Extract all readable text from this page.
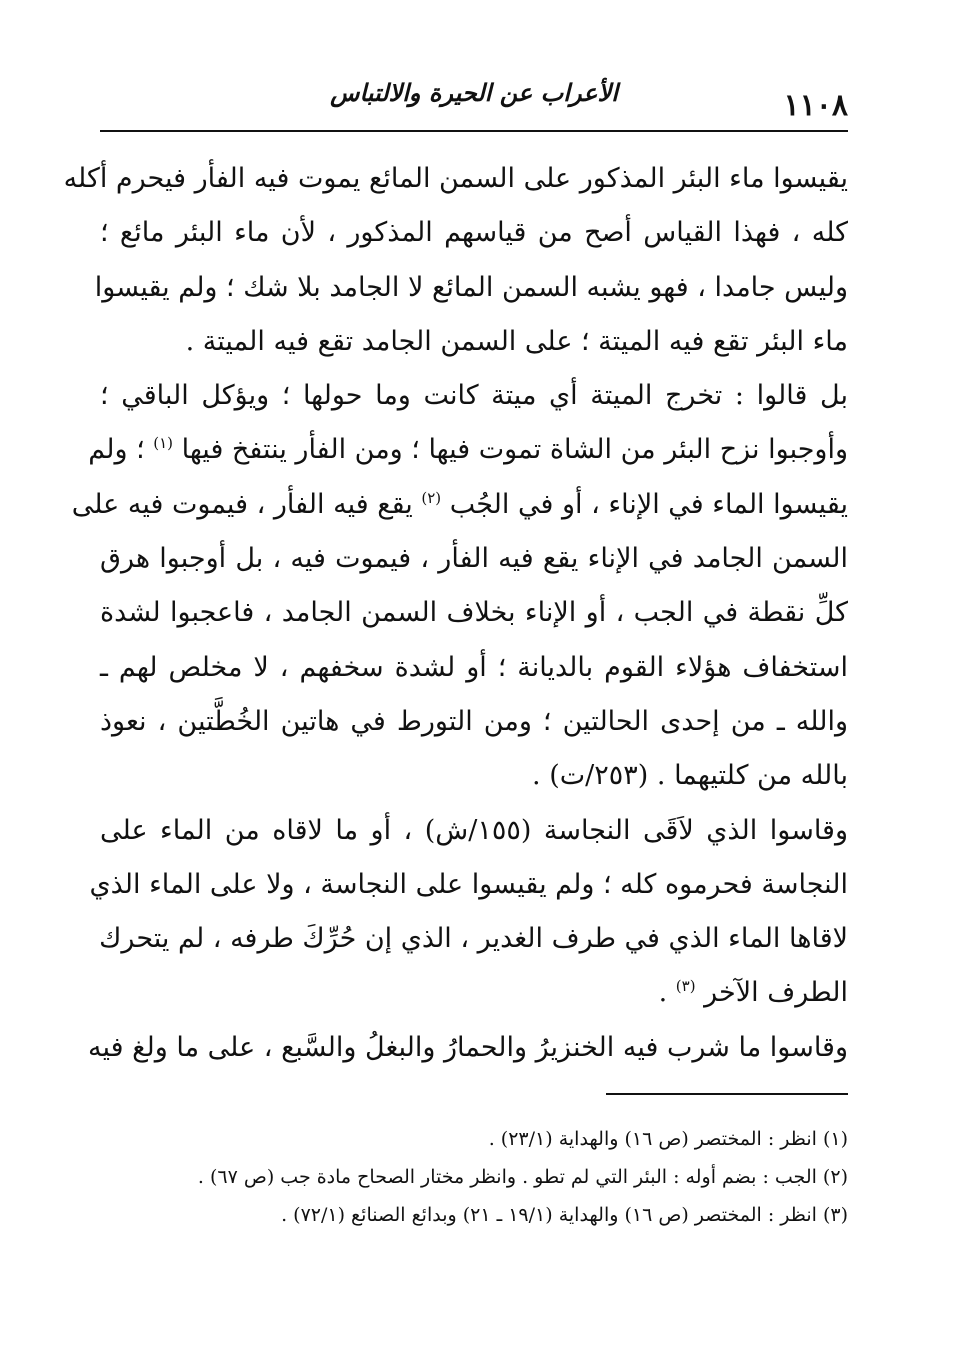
١١٠٨
الأعراب عن الحيرة والالتباس
يقيسوا ماء البئر المذكور على السمن المائع يموت فيه الفأر فيحرم أكله
كله ، فهذا القياس أصح من قياسهم المذكور ، لأن ماء البئر مائع ؛
وليس جامدا ، فهو يشبه السمن المائع لا الجامد بلا شك ؛ ولم يقيسوا
ماء البئر تقع فيه الميتة ؛ على السمن الجامد تقع فيه الميتة .
بل قالوا : تخرج الميتة أي ميتة كانت وما حولها ؛ ويؤكل الباقي ؛
وأوجبوا نزح البئر من الشاة تموت فيها ؛ ومن الفأر ينتفخ فيها $^{(١)}$ ؛ ولم
يقيسوا الماء في الإناء ، أو في الجُب $^{(٢)}$ يقع فيه الفأر ، فيموت فيه على
السمن الجامد في الإناء يقع فيه الفأر ، فيموت فيه ، بل أوجبوا هرق
كلِّ نقطة في الجب ، أو الإناء بخلاف السمن الجامد ، فاعجبوا لشدة
استخفاف هؤلاء القوم بالديانة ؛ أو لشدة سخفهم ، لا مخلص لهم ـ
والله ـ من إحدى الحالتين ؛ ومن التورط في هاتين الخُطَّتين ، نعوذ
بالله من كلتيهما . (٢٥٣/ت) .
وقاسوا الذي لاَقَى النجاسة (١٥٥/ش) ، أو ما لاقاه من الماء على
النجاسة فحرموه كله ؛ ولم يقيسوا على النجاسة ، ولا على الماء الذي
لاقاها الماء الذي في طرف الغدير ، الذي إن حُرِّكَ طرفه ، لم يتحرك
الطرف الآخر $^{(٣)}$ .
وقاسوا ما شرب فيه الخنزيرُ والحمارُ والبغلُ والسَّبع ، على ما ولغ فيه
(١) انظر : المختصر (ص ١٦) والهداية (٢٣/١) .
(٢) الجب : بضم أوله : البئر التي لم تطو . وانظر مختار الصحاح مادة جب (ص ٦٧) .
(٣) انظر : المختصر (ص ١٦) والهداية (١٩/١ ـ ٢١) وبدائع الصنائع (٧٢/١) .
